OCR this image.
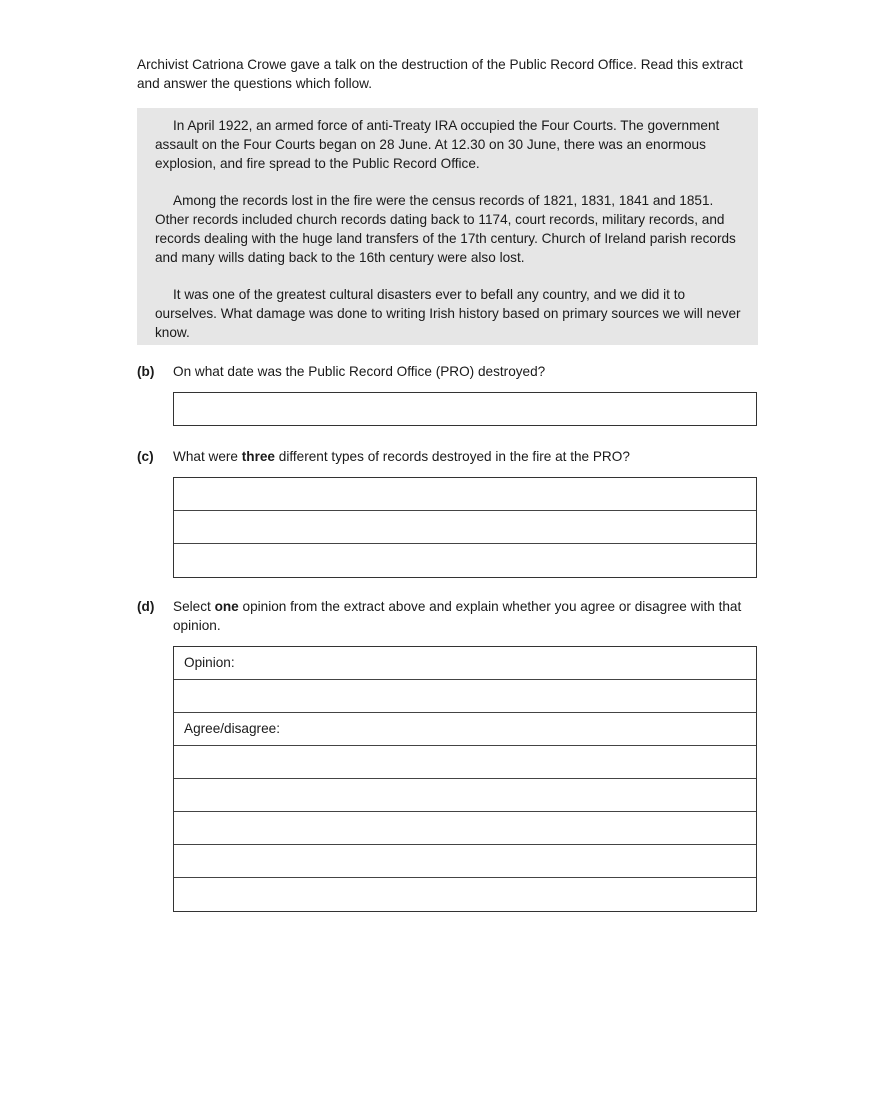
Archivist Catriona Crowe gave a talk on the destruction of the Public Record Office. Read this extract and answer the questions which follow.

In April 1922, an armed force of anti-Treaty IRA occupied the Four Courts. The government assault on the Four Courts began on 28 June. At 12.30 on 30 June, there was an enormous explosion, and fire spread to the Public Record Office.

Among the records lost in the fire were the census records of 1821, 1831, 1841 and 1851. Other records included church records dating back to 1174, court records, military records, and records dealing with the huge land transfers of the 17th century. Church of Ireland parish records and many wills dating back to the 16th century were also lost.

It was one of the greatest cultural disasters ever to befall any country, and we did it to ourselves. What damage was done to writing Irish history based on primary sources we will never know.

(b) On what date was the Public Record Office (PRO) destroyed?
(c) What were three different types of records destroyed in the fire at the PRO?
(d) Select one opinion from the extract above and explain whether you agree or disagree with that opinion.
Opinion:
Agree/disagree:
